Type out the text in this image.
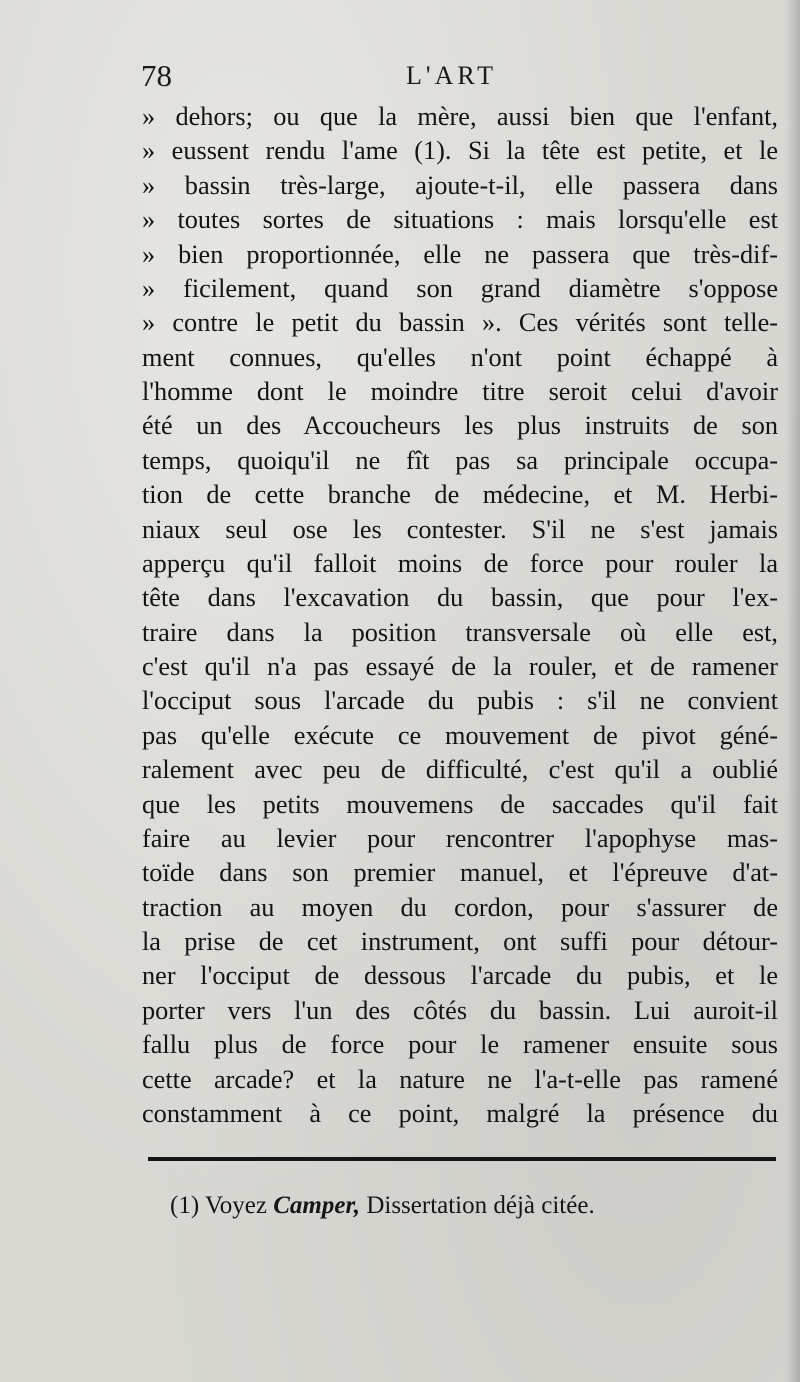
78	L'ART
» dehors; ou que la mère, aussi bien que l'enfant,
» eussent rendu l'ame (1). Si la tête est petite, et le
» bassin très-large, ajoute-t-il, elle passera dans
» toutes sortes de situations : mais lorsqu'elle est
» bien proportionnée, elle ne passera que très-dif-
» ficilement, quand son grand diamètre s'oppose
» contre le petit du bassin ». Ces vérités sont telle-
ment connues, qu'elles n'ont point échappé à
l'homme dont le moindre titre seroit celui d'avoir
été un des Accoucheurs les plus instruits de son
temps, quoiqu'il ne fît pas sa principale occupa-
tion de cette branche de médecine, et M. Herbi-
niaux seul ose les contester. S'il ne s'est jamais
apperçu qu'il falloit moins de force pour rouler la
tête dans l'excavation du bassin, que pour l'ex-
traire dans la position transversale où elle est,
c'est qu'il n'a pas essayé de la rouler, et de ramener
l'occiput sous l'arcade du pubis : s'il ne convient
pas qu'elle exécute ce mouvement de pivot géné-
ralement avec peu de difficulté, c'est qu'il a oublié
que les petits mouvemens de saccades qu'il fait
faire au levier pour rencontrer l'apophyse mas-
toïde dans son premier manuel, et l'épreuve d'at-
traction au moyen du cordon, pour s'assurer de
la prise de cet instrument, ont suffi pour détour-
ner l'occiput de dessous l'arcade du pubis, et le
porter vers l'un des côtés du bassin. Lui auroit-il
fallu plus de force pour le ramener ensuite sous
cette arcade? et la nature ne l'a-t-elle pas ramené
constamment à ce point, malgré la présence du
(1) Voyez Camper, Dissertation déjà citée.
